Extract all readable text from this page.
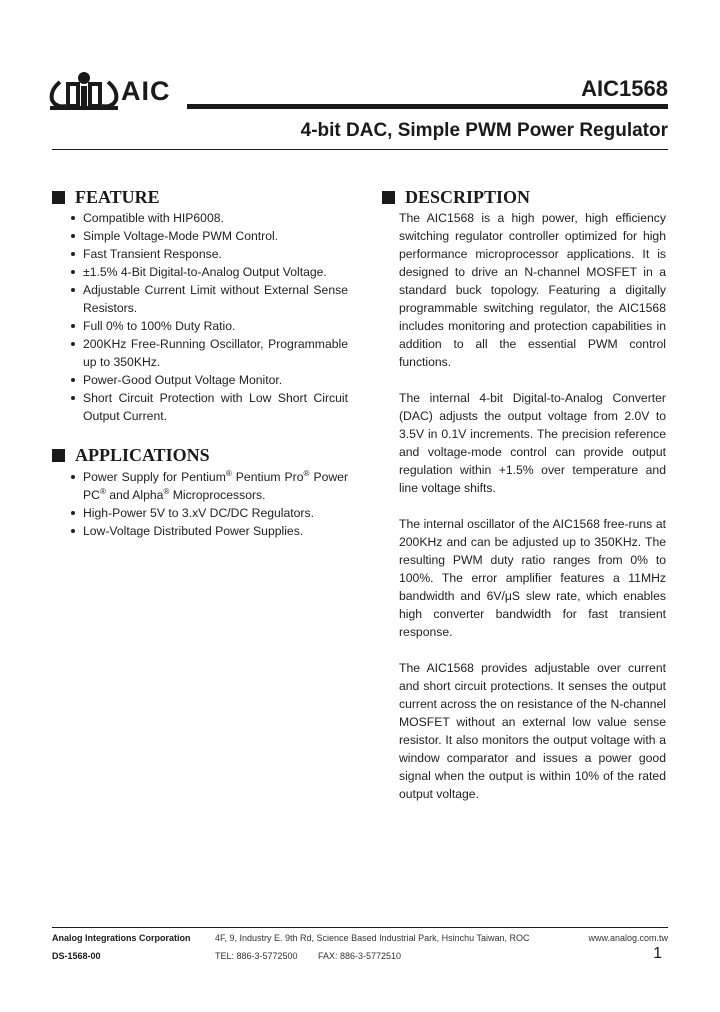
AIC	AIC1568
4-bit DAC, Simple PWM Power Regulator
FEATURE
Compatible with HIP6008.
Simple Voltage-Mode PWM Control.
Fast Transient Response.
±1.5% 4-Bit Digital-to-Analog Output Voltage.
Adjustable Current Limit without External Sense Resistors.
Full 0% to 100% Duty Ratio.
200KHz Free-Running Oscillator, Programmable up to 350KHz.
Power-Good Output Voltage Monitor.
Short Circuit Protection with Low Short Circuit Output Current.
APPLICATIONS
Power Supply for Pentium® Pentium Pro® Power PC® and Alpha® Microprocessors.
High-Power 5V to 3.xV DC/DC Regulators.
Low-Voltage Distributed Power Supplies.
DESCRIPTION

The AIC1568 is a high power, high efficiency switching regulator controller optimized for high performance microprocessor applications. It is designed to drive an N-channel MOSFET in a standard buck topology. Featuring a digitally programmable switching regulator, the AIC1568 includes monitoring and protection capabilities in addition to all the essential PWM control functions.

The internal 4-bit Digital-to-Analog Converter (DAC) adjusts the output voltage from 2.0V to 3.5V in 0.1V increments. The precision reference and voltage-mode control can provide output regulation within +1.5% over temperature and line voltage shifts.

The internal oscillator of the AIC1568 free-runs at 200KHz and can be adjusted up to 350KHz. The resulting PWM duty ratio ranges from 0% to 100%. The error amplifier features a 11MHz bandwidth and 6V/μS slew rate, which enables high converter bandwidth for fast transient response.

The AIC1568 provides adjustable over current and short circuit protections. It senses the output current across the on resistance of the N-channel MOSFET without an external low value sense resistor. It also monitors the output voltage with a window comparator and issues a power good signal when the output is within 10% of the rated output voltage.

Analog Integrations Corporation	4F, 9, Industry E. 9th Rd, Science Based Industrial Park, Hsinchu Taiwan, ROC	www.analog.com.tw
DS-1568-00	TEL: 886-3-5772500 FAX: 886-3-5772510	1
